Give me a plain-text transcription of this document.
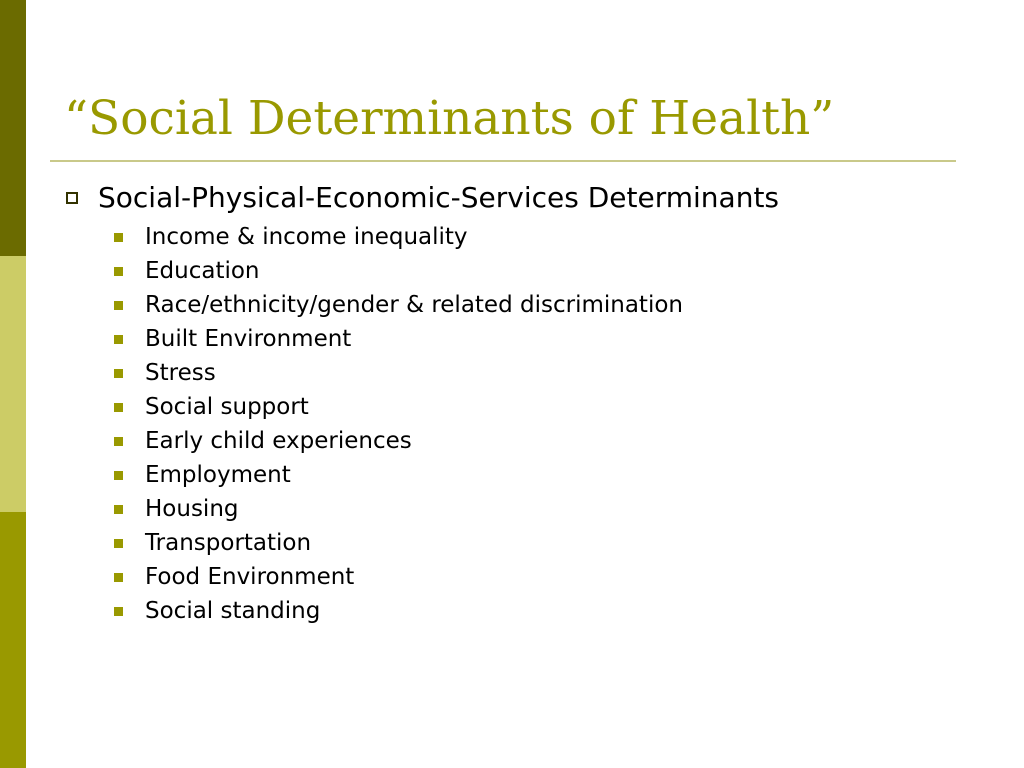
“Social Determinants of Health”
Social-Physical-Economic-Services Determinants
Income & income inequality
Education
Race/ethnicity/gender & related discrimination
Built Environment
Stress
Social support
Early child experiences
Employment
Housing
Transportation
Food Environment
Social standing
